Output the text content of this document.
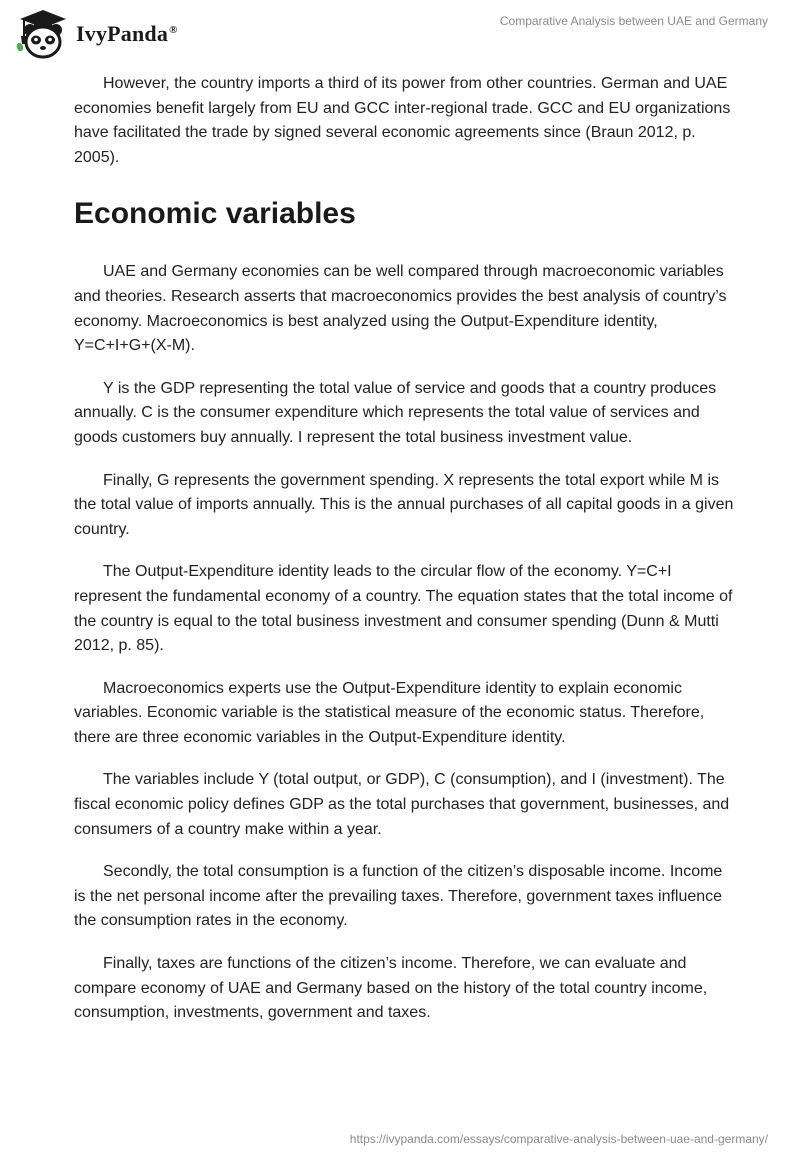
IvyPanda®
Comparative Analysis between UAE and Germany

However, the country imports a third of its power from other countries. German and UAE economies benefit largely from EU and GCC inter-regional trade. GCC and EU organizations have facilitated the trade by signed several economic agreements since (Braun 2012, p. 2005).

Economic variables

UAE and Germany economies can be well compared through macroeconomic variables and theories. Research asserts that macroeconomics provides the best analysis of country’s economy. Macroeconomics is best analyzed using the Output-Expenditure identity, Y=C+I+G+(X-M).

Y is the GDP representing the total value of service and goods that a country produces annually. C is the consumer expenditure which represents the total value of services and goods customers buy annually. I represent the total business investment value.

Finally, G represents the government spending. X represents the total export while M is the total value of imports annually. This is the annual purchases of all capital goods in a given country.

The Output-Expenditure identity leads to the circular flow of the economy. Y=C+I represent the fundamental economy of a country. The equation states that the total income of the country is equal to the total business investment and consumer spending (Dunn & Mutti 2012, p. 85).

Macroeconomics experts use the Output-Expenditure identity to explain economic variables. Economic variable is the statistical measure of the economic status. Therefore, there are three economic variables in the Output-Expenditure identity.

The variables include Y (total output, or GDP), C (consumption), and I (investment). The fiscal economic policy defines GDP as the total purchases that government, businesses, and consumers of a country make within a year.

Secondly, the total consumption is a function of the citizen’s disposable income. Income is the net personal income after the prevailing taxes. Therefore, government taxes influence the consumption rates in the economy.

Finally, taxes are functions of the citizen’s income. Therefore, we can evaluate and compare economy of UAE and Germany based on the history of the total country income, consumption, investments, government and taxes.

https://ivypanda.com/essays/comparative-analysis-between-uae-and-germany/
